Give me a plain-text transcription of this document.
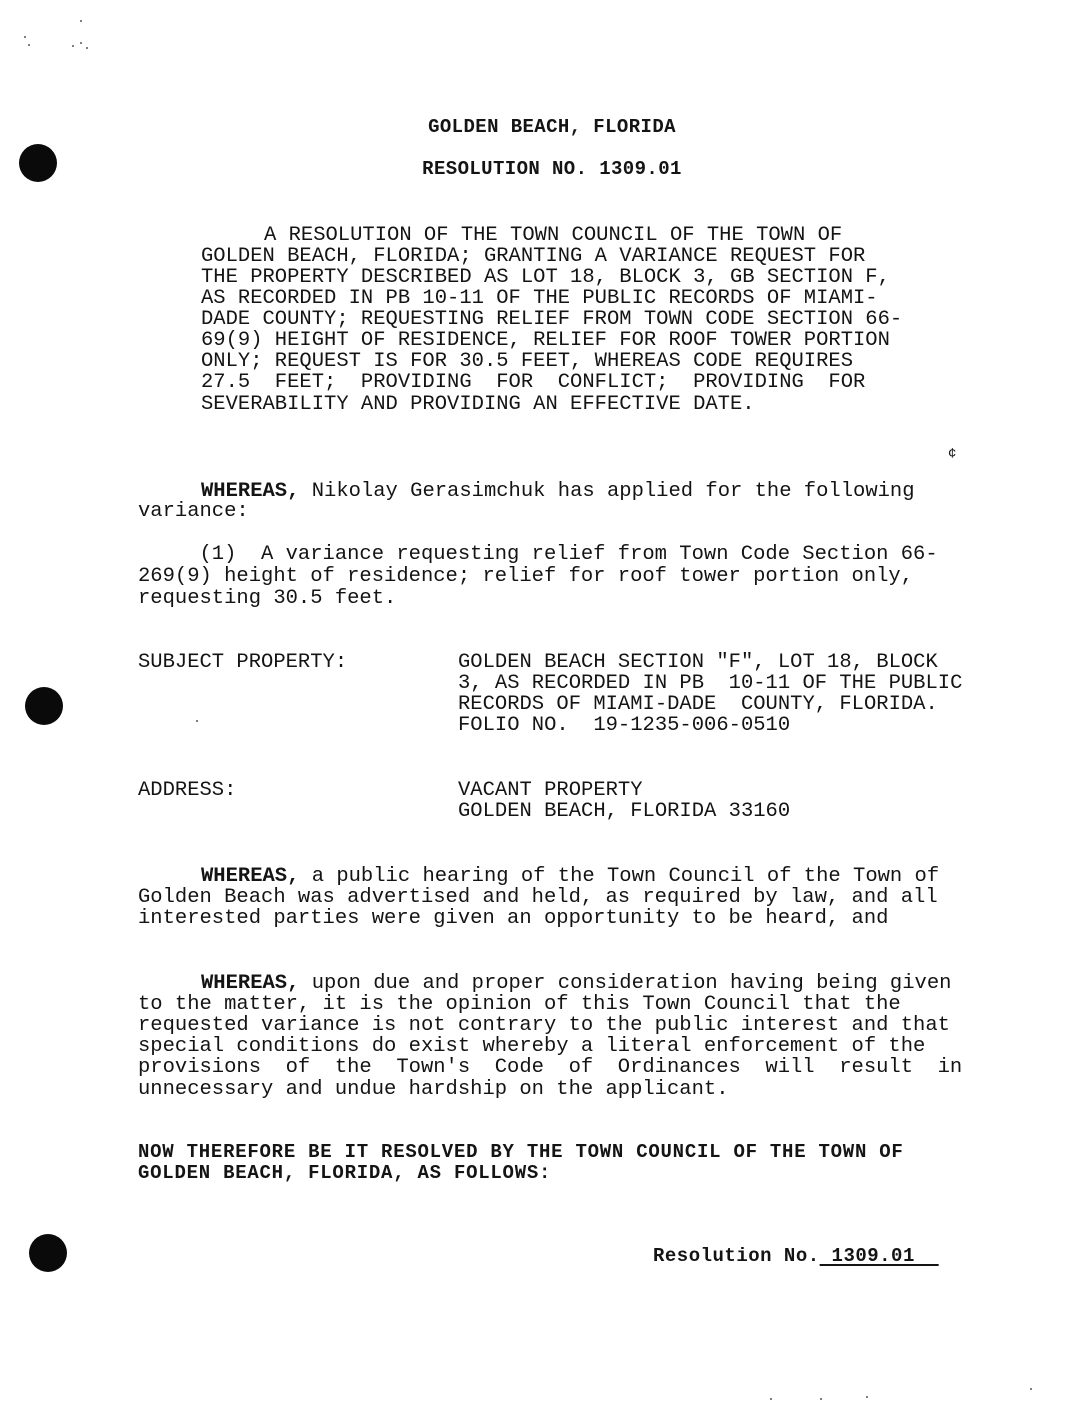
GOLDEN BEACH, FLORIDA
RESOLUTION NO. 1309.01
A RESOLUTION OF THE TOWN COUNCIL OF THE TOWN OF
GOLDEN BEACH, FLORIDA; GRANTING A VARIANCE REQUEST FOR
THE PROPERTY DESCRIBED AS LOT 18, BLOCK 3, GB SECTION F,
AS RECORDED IN PB 10-11 OF THE PUBLIC RECORDS OF MIAMI-
DADE COUNTY; REQUESTING RELIEF FROM TOWN CODE SECTION 66-
69(9) HEIGHT OF RESIDENCE, RELIEF FOR ROOF TOWER PORTION
ONLY; REQUEST IS FOR 30.5 FEET, WHEREAS CODE REQUIRES
27.5  FEET;  PROVIDING  FOR  CONFLICT;  PROVIDING  FOR
SEVERABILITY AND PROVIDING AN EFFECTIVE DATE.
¢
WHEREAS, Nikolay Gerasimchuk has applied for the following
variance:
(1)  A variance requesting relief from Town Code Section 66-
269(9) height of residence; relief for roof tower portion only,
requesting 30.5 feet.
SUBJECT PROPERTY:	GOLDEN BEACH SECTION "F", LOT 18, BLOCK
3, AS RECORDED IN PB  10-11 OF THE PUBLIC
RECORDS OF MIAMI-DADE  COUNTY, FLORIDA.
FOLIO NO.  19-1235-006-0510
ADDRESS:	VACANT PROPERTY
GOLDEN BEACH, FLORIDA 33160
WHEREAS, a public hearing of the Town Council of the Town of
Golden Beach was advertised and held, as required by law, and all
interested parties were given an opportunity to be heard, and
WHEREAS, upon due and proper consideration having being given
to the matter, it is the opinion of this Town Council that the
requested variance is not contrary to the public interest and that
special conditions do exist whereby a literal enforcement of the
provisions  of  the  Town's  Code  of  Ordinances  will  result  in
unnecessary and undue hardship on the applicant.
NOW THEREFORE BE IT RESOLVED BY THE TOWN COUNCIL OF THE TOWN OF
GOLDEN BEACH, FLORIDA, AS FOLLOWS:
Resolution No. 1309.01
